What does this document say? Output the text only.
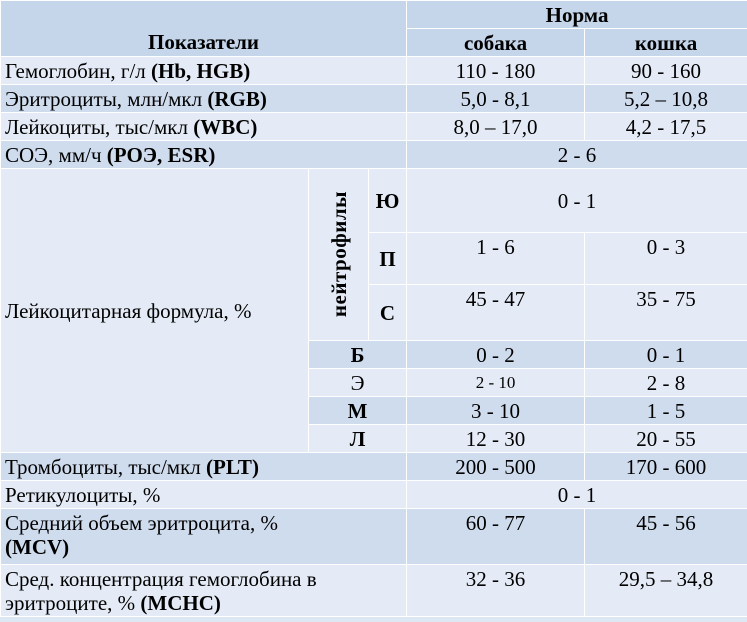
Показатели			Норма	
			собака	кошка
Гемоглобин, г/л (Hb, HGB)			110 - 180	90 - 160
Эритроциты, млн/мкл (RGB)			5,0 - 8,1	5,2 – 10,8
Лейкоциты, тыс/мкл (WBC)			8,0 – 17,0	4,2 - 17,5
СОЭ, мм/ч (РОЭ, ESR)			2 - 6	
Лейкоцитарная формула, %	нейтрофилы	Ю	0 - 1	
		П	1 - 6	0 - 3
		С	45 - 47	35 - 75
	Б		0 - 2	0 - 1
	Э		2 - 10	2 - 8
	М		3 - 10	1 - 5
	Л		12 - 30	20 - 55
Тромбоциты, тыс/мкл (PLT)			200 - 500	170 - 600
Ретикулоциты, %			0 - 1	
Средний объем эритроцита, %
(MCV)			60 - 77	45 - 56
Сред. концентрация гемоглобина в эритроците, % (МСНС)			32 - 36	29,5 – 34,8
